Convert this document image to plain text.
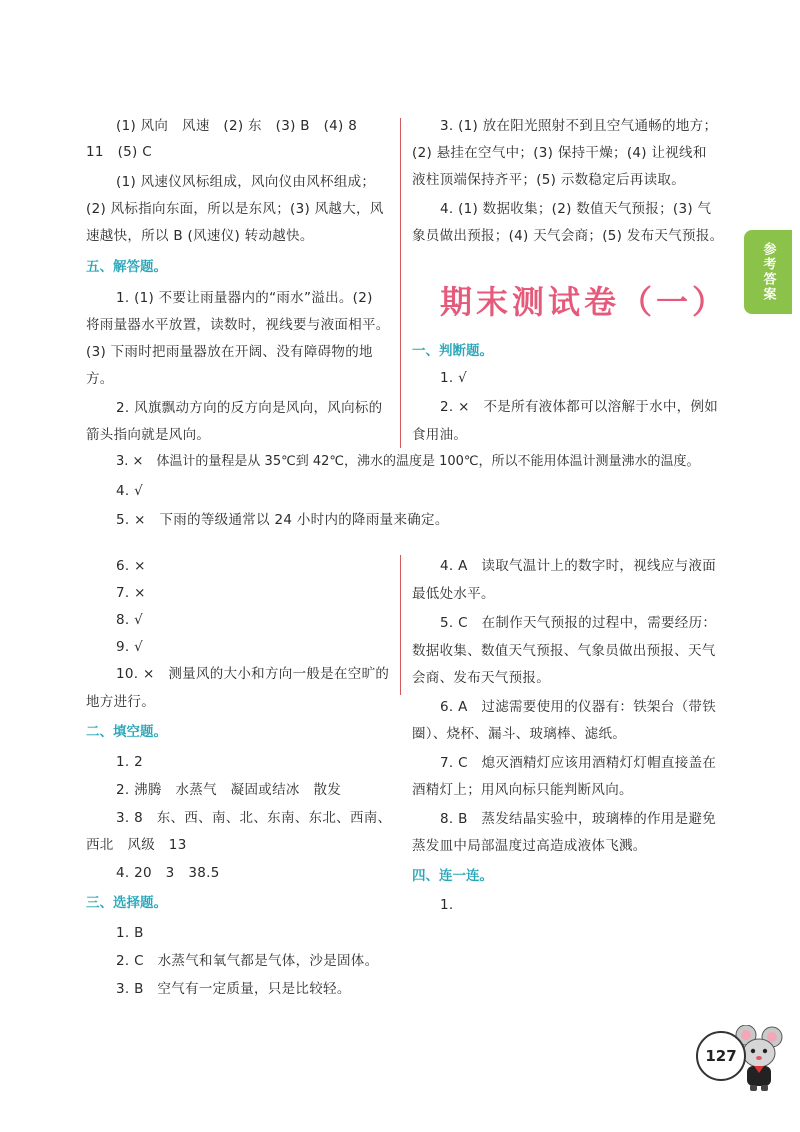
(1) 风向　风速　(2) 东　(3) B　(4) 8
11　(5) C
(1) 风速仪风标组成，风向仪由风杯组成；
(2) 风标指向东面，所以是东风；(3) 风越大，风
速越快，所以 B (风速仪) 转动越快。
五、解答题。
1. (1) 不要让雨量器内的“雨水”溢出。(2)
将雨量器水平放置，读数时，视线要与液面相平。
(3) 下雨时把雨量器放在开阔、没有障碍物的地
方。
2. 风旗飘动方向的反方向是风向，风向标的
箭头指向就是风向。
3. (1) 放在阳光照射不到且空气通畅的地方；
(2) 悬挂在空气中；(3) 保持干燥；(4) 让视线和
液柱顶端保持齐平；(5) 示数稳定后再读取。
4. (1) 数据收集；(2) 数值天气预报；(3) 气
象员做出预报；(4) 天气会商；(5) 发布天气预报。
期末测试卷（一）
一、判断题。
1. √
2. ×　不是所有液体都可以溶解于水中，例如
食用油。
3. ×　体温计的量程是从 35℃到 42℃，沸水的温度是 100℃，所以不能用体温计测量沸水的温度。
4. √
5. ×　下雨的等级通常以 24 小时内的降雨量来确定。
6. ×
7. ×
8. √
9. √
10. ×　测量风的大小和方向一般是在空旷的
地方进行。
二、填空题。
1. 2
2. 沸腾　水蒸气　凝固或结冰　散发
3. 8　东、西、南、北、东南、东北、西南、
西北　风级　13
4. 20　3　38.5
三、选择题。
1. B
2. C　水蒸气和氧气都是气体，沙是固体。
3. B　空气有一定质量，只是比较轻。
4. A　读取气温计上的数字时，视线应与液面
最低处水平。
5. C　在制作天气预报的过程中，需要经历：
数据收集、数值天气预报、气象员做出预报、天气
会商、发布天气预报。
6. A　过滤需要使用的仪器有：铁架台（带铁
圈）、烧杯、漏斗、玻璃棒、滤纸。
7. C　熄灭酒精灯应该用酒精灯灯帽直接盖在
酒精灯上；用风向标只能判断风向。
8. B　蒸发结晶实验中，玻璃棒的作用是避免
蒸发皿中局部温度过高造成液体飞溅。
四、连一连。
1.
参考答案
127
